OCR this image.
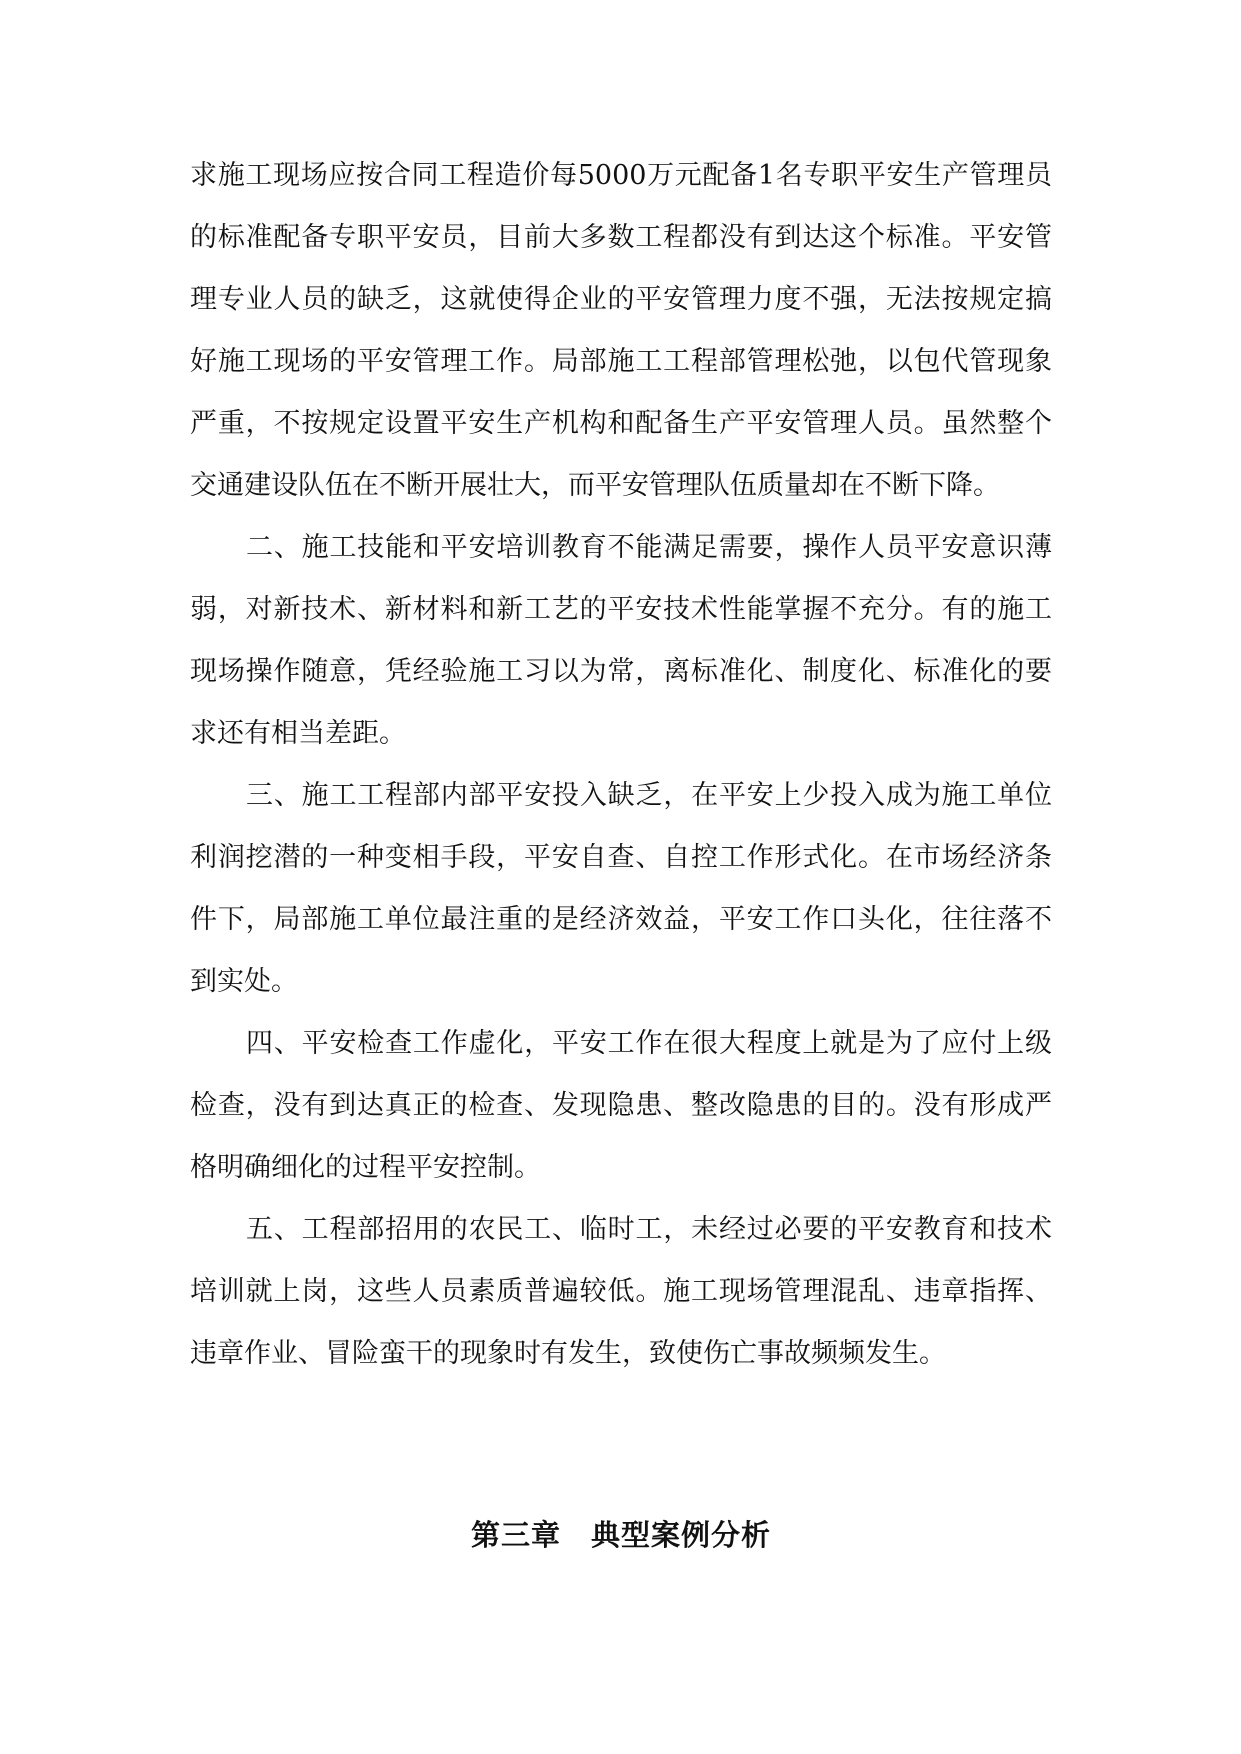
求施工现场应按合同工程造价每5000万元配备1名专职平安生产管理员的标准配备专职平安员，目前大多数工程都没有到达这个标准。平安管理专业人员的缺乏，这就使得企业的平安管理力度不强，无法按规定搞好施工现场的平安管理工作。局部施工工程部管理松弛，以包代管现象严重，不按规定设置平安生产机构和配备生产平安管理人员。虽然整个交通建设队伍在不断开展壮大，而平安管理队伍质量却在不断下降。

二、施工技能和平安培训教育不能满足需要，操作人员平安意识薄弱，对新技术、新材料和新工艺的平安技术性能掌握不充分。有的施工现场操作随意，凭经验施工习以为常，离标准化、制度化、标准化的要求还有相当差距。

三、施工工程部内部平安投入缺乏，在平安上少投入成为施工单位利润挖潜的一种变相手段，平安自查、自控工作形式化。在市场经济条件下，局部施工单位最注重的是经济效益，平安工作口头化，往往落不到实处。

四、平安检查工作虚化，平安工作在很大程度上就是为了应付上级检查，没有到达真正的检查、发现隐患、整改隐患的目的。没有形成严格明确细化的过程平安控制。

五、工程部招用的农民工、临时工，未经过必要的平安教育和技术培训就上岗，这些人员素质普遍较低。施工现场管理混乱、违章指挥、违章作业、冒险蛮干的现象时有发生，致使伤亡事故频频发生。

第三章　典型案例分析
